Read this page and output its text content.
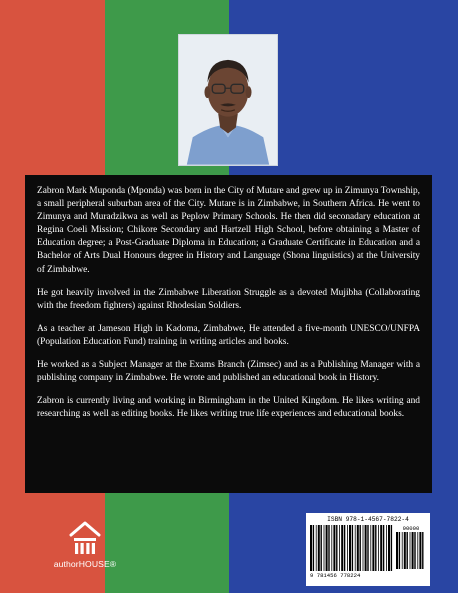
Zabron Mark Muponda (Mponda) was born in the City of Mutare and grew up in Zimunya Township, a small peripheral suburban area of the City. Mutare is in Zimbabwe, in Southern Africa. He went to Zimunya and Muradzikwa as well as Peplow Primary Schools. He then did seconadary education at Regina Coeli Mission; Chikore Secondary and Hartzell High School, before obtaining a Master of Education degree; a Post-Graduate Diploma in Education; a Graduate Certificate in Education and a Bachelor of Arts Dual Honours degree in History and Language (Shona linguistics) at the University of Zimbabwe.

He got heavily involved in the Zimbabwe Liberation Struggle as a devoted Mujibha (Collaborating with the freedom fighters) against Rhodesian Soldiers.

As a teacher at Jameson High in Kadoma, Zimbabwe, He attended a five-month UNESCO/UNFPA (Population Education Fund) training in writing articles and books.

He worked as a Subject Manager at the Exams Branch (Zimsec) and as a Publishing Manager with a publishing company in Zimbabwe. He wrote and published an educational book in History.

Zabron is currently living and working in Birmingham in the United Kingdom. He likes writing and researching as well as editing books. He likes writing true life experiences and educational books.

authorHOUSE®
ISBN 978-1-4567-7822-4
90000
9 781456 778224
